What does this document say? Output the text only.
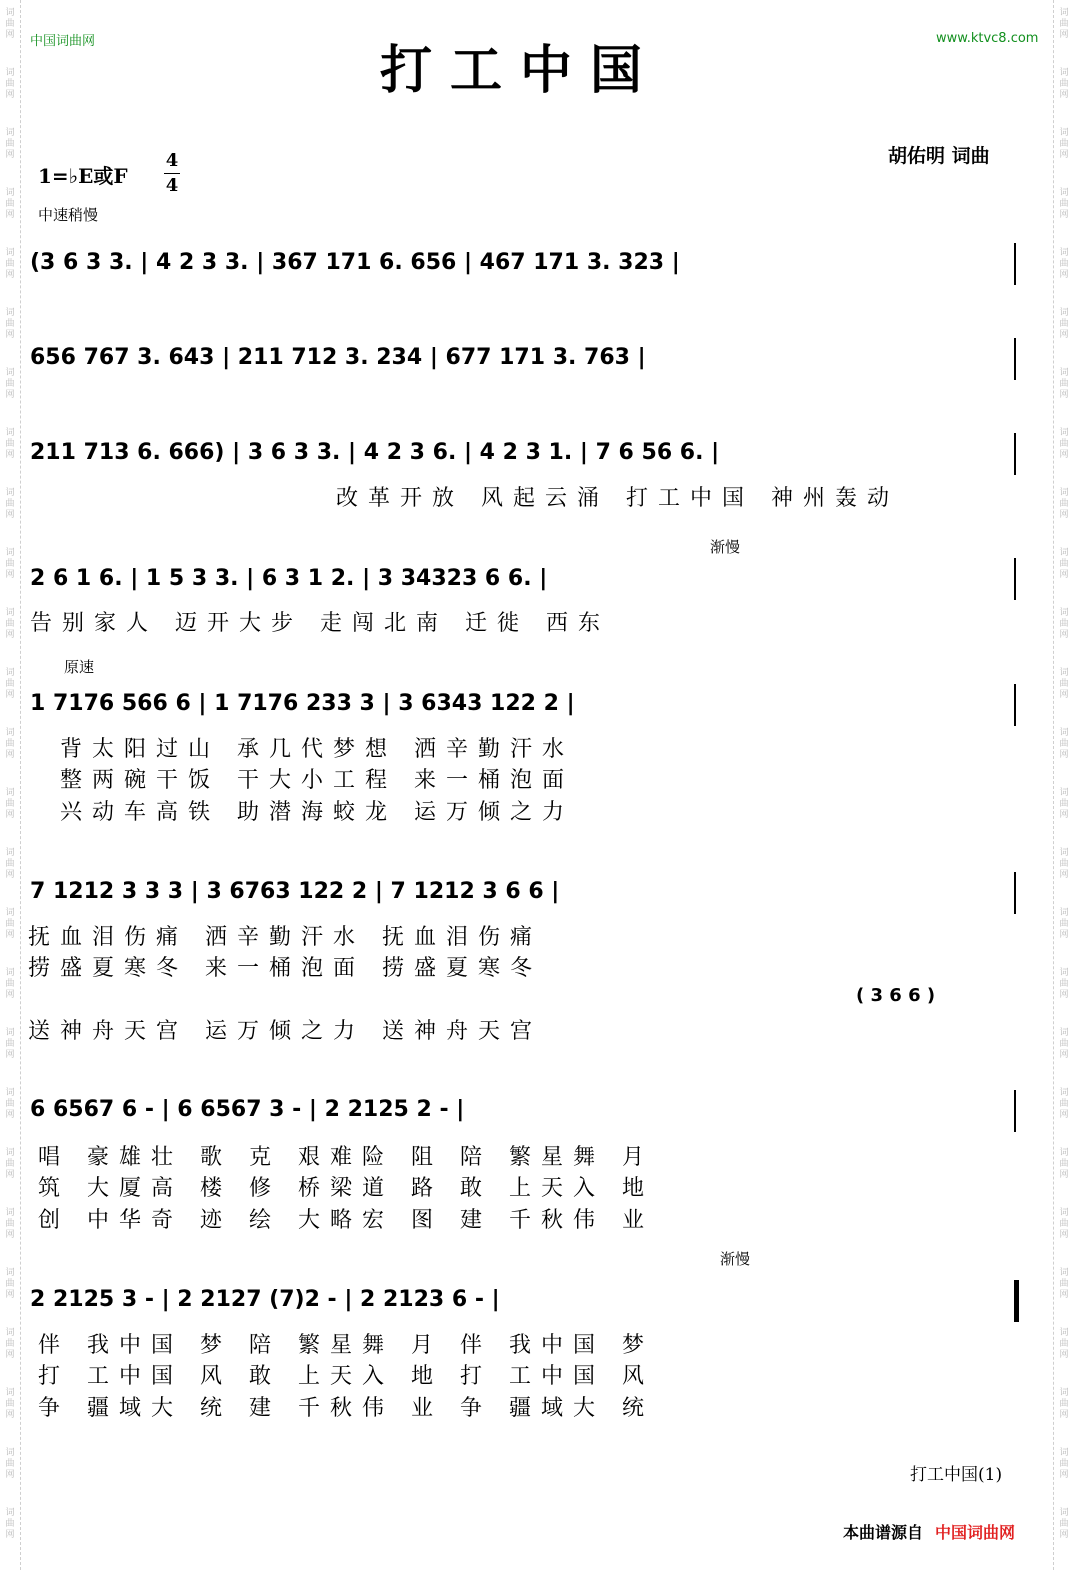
词
曲
网
词
曲
网
词
曲
网
词
曲
网
词
曲
网
词
曲
网
词
曲
网
词
曲
网
词
曲
网
词
曲
网
词
曲
网
词
曲
网
词
曲
网
词
曲
网
词
曲
网
词
曲
网
词
曲
网
词
曲
网
词
曲
网
词
曲
网
词
曲
网
词
曲
网
词
曲
网
词
曲
网
词
曲
网
词
曲
网
词
曲
网
词
曲
网
词
曲
网
词
曲
网
词
曲
网
词
曲
网
词
曲
网
词
曲
网
词
曲
网
词
曲
网
词
曲
网
词
曲
网
词
曲
网
词
曲
网
词
曲
网
词
曲
网
词
曲
网
词
曲
网
词
曲
网
词
曲
网
词
曲
网
词
曲
网
词
曲
网
词
曲
网
词
曲
网
词
曲
网
中国词曲网	www.ktvc8.com
打工中国
胡佑明 词曲
1=♭E或F
4
4
中速稍慢
(3 6 3 3. | 4 2 3 3. | 367 171 6. 656 | 467 171 3. 323 |
656 767 3. 643 | 211 712 3. 234 | 677 171 3. 763 |
211 713 6. 666) | 3 6 3 3. | 4 2 3 6. | 4 2 3 1. | 7 6 56 6. |
改革开放 风起云涌 打工中国 神州轰动
渐慢
2 6 1 6. | 1 5 3 3. | 6 3 1 2. | 3 34323 6 6. |
告别家人 迈开大步 走闯北南 迁徙 西东
原速
1 7176 566 6 | 1 7176 233 3 | 3 6343 122 2 |
背太阳过山 承几代梦想 洒辛勤汗水
整两碗干饭 干大小工程 来一桶泡面
兴动车高铁 助潜海蛟龙 运万倾之力
7 1212 3 3 3 | 3 6763 122 2 | 7 1212 3 6 6 |
抚血泪伤痛 洒辛勤汗水 抚血泪伤痛
捞盛夏寒冬 来一桶泡面 捞盛夏寒冬
( 3 6 6 )
送神舟天宫 运万倾之力 送神舟天宫
6 6567 6 - | 6 6567 3 - | 2 2125 2 - |
唱 豪雄壮 歌 克 艰难险 阻 陪 繁星舞 月
筑 大厦高 楼 修 桥梁道 路 敢 上天入 地
创 中华奇 迹 绘 大略宏 图 建 千秋伟 业
渐慢
2 2125 3 - | 2 2127 (7)2 - | 2 2123 6 - |
伴 我中国 梦 陪 繁星舞 月 伴 我中国 梦
打 工中国 风 敢 上天入 地 打 工中国 风
争 疆域大 统 建 千秋伟 业 争 疆域大 统
打工中国(1)
本曲谱源自 中国词曲网
